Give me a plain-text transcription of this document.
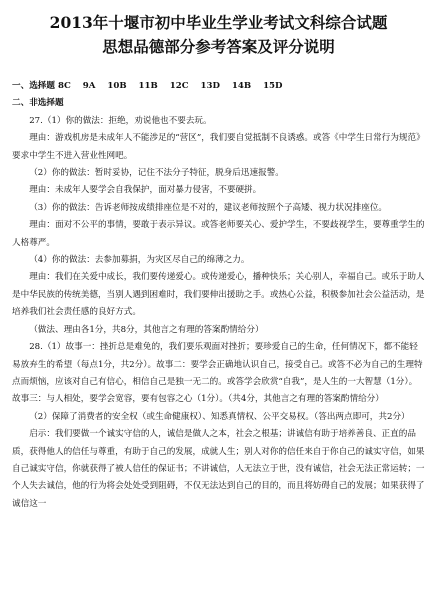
2013年十堰市初中毕业生学业考试文科综合试题
思想品德部分参考答案及评分说明

一、选择题 8C    9A    10B    11B    12C    13D    14B    15D

二、非选择题

27.（1）你的做法：拒绝，劝说他也不要去玩。

理由：游戏机房是未成年人不能涉足的“营区”，我们要自觉抵制不良诱惑。或答《中学生日常行为规范》要求中学生不进入营业性网吧。

（2）你的做法：暂时妥协，记住不法分子特征，脱身后迅速报警。

理由：未成年人要学会自我保护，面对暴力侵害，不要硬拼。

（3）你的做法：告诉老师按成绩排座位是不对的，建议老师按照个子高矮、视力状况排座位。

理由：面对不公平的事情，要敢于表示异议。或答老师要关心、爱护学生，不要歧视学生，要尊重学生的人格尊严。

（4）你的做法：去参加募捐，为灾区尽自己的绵薄之力。

理由：我们在关爱中成长，我们要传递爱心。或传递爱心，播种快乐；关心别人，幸福自己。或乐于助人是中华民族的传统美德，当别人遇到困难时，我们要伸出援助之手。或热心公益，积极参加社会公益活动，是培养我们社会责任感的良好方式。

（做法、理由各1分，共8分，其他言之有理的答案酌情给分）

28.（1）故事一：挫折总是难免的，我们要乐观面对挫折；要珍爱自己的生命，任何情况下，都不能轻易放弃生的希望（每点1分，共2分）。故事二：要学会正确地认识自己，接受自己。或答不必为自己的生理特点而烦恼，应该对自己有信心，相信自己是独一无二的。或答学会欣赏“自我”，是人生的一大智慧（1分）。故事三：与人相处，要学会宽容，要有包容之心（1分）。（共4分，其他言之有理的答案酌情给分）

（2）保障了消费者的安全权（或生命健康权）、知悉真情权、公平交易权。（答出两点即可，共2分）

启示：我们要做一个诚实守信的人，诚信是做人之本，社会之根基；讲诚信有助于培养善良、正直的品质，获得他人的信任与尊重，有助于自己的发展，成就人生；别人对你的信任来自于你自己的诚实守信，如果自己诚实守信，你就获得了被人信任的保证书；不讲诚信，人无法立于世，没有诚信，社会无法正常运转；一个人失去诚信，他的行为将会处处受到阻碍，不仅无法达到自己的目的，而且将妨碍自己的发展；如果获得了诚信这一
